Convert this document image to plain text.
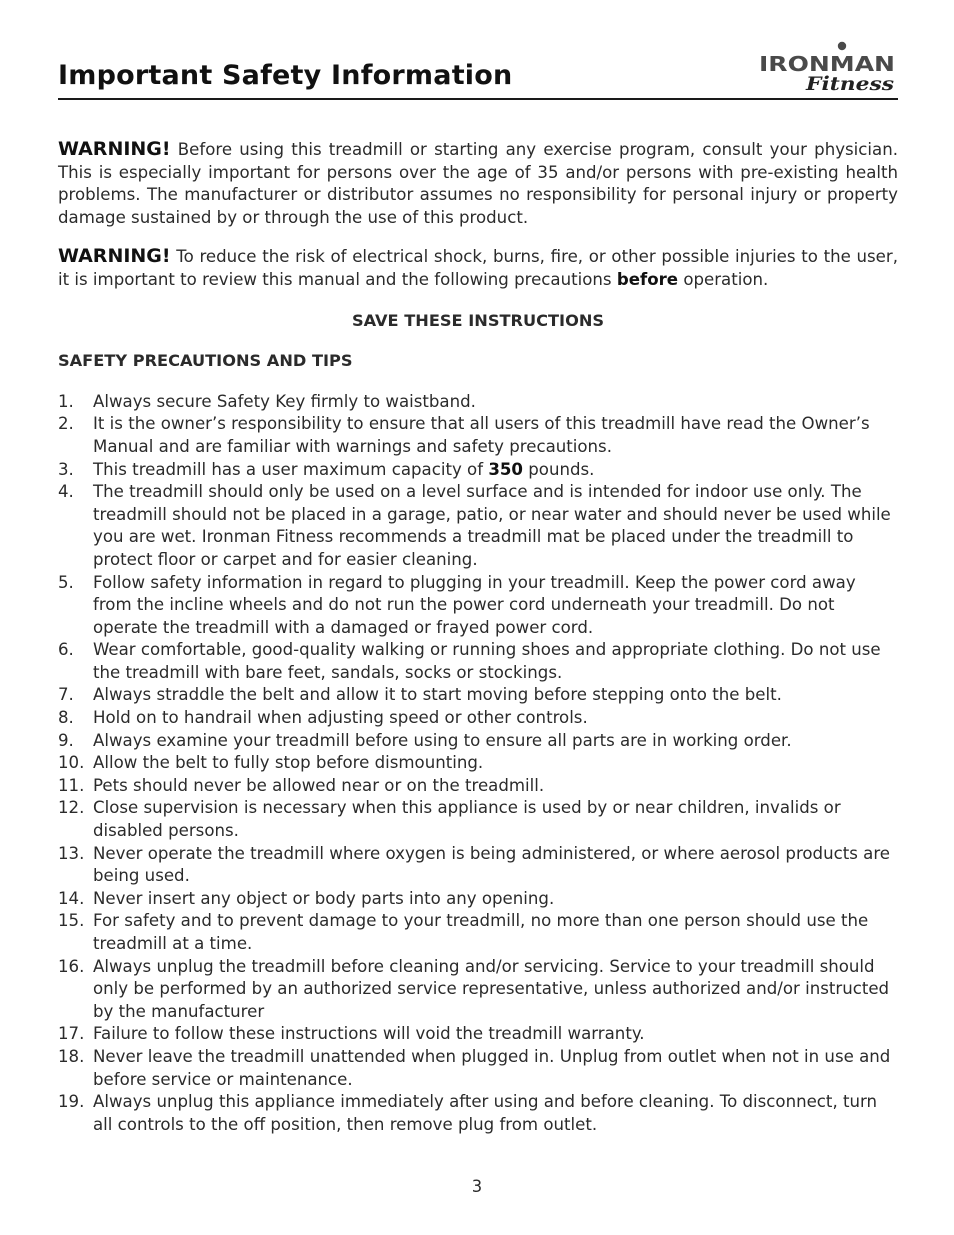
Important Safety Information	IRONMAN
Fitness

WARNING! Before using this treadmill or starting any exercise program, consult your physician. This is especially important for persons over the age of 35 and/or persons with pre-existing health problems. The manufacturer or distributor assumes no responsibility for personal injury or property damage sustained by or through the use of this product.

WARNING! To reduce the risk of electrical shock, burns, fire, or other possible injuries to the user, it is important to review this manual and the following precautions before operation.

SAVE THESE INSTRUCTIONS
SAFETY PRECAUTIONS AND TIPS
1. Always secure Safety Key firmly to waistband.
2. It is the owner’s responsibility to ensure that all users of this treadmill have read the Owner’s Manual and are familiar with warnings and safety precautions.
3. This treadmill has a user maximum capacity of 350 pounds.
4. The treadmill should only be used on a level surface and is intended for indoor use only. The treadmill should not be placed in a garage, patio, or near water and should never be used while you are wet. Ironman Fitness recommends a treadmill mat be placed under the treadmill to protect floor or carpet and for easier cleaning.
5. Follow safety information in regard to plugging in your treadmill. Keep the power cord away from the incline wheels and do not run the power cord underneath your treadmill. Do not operate the treadmill with a damaged or frayed power cord.
6. Wear comfortable, good-quality walking or running shoes and appropriate clothing. Do not use the treadmill with bare feet, sandals, socks or stockings.
7. Always straddle the belt and allow it to start moving before stepping onto the belt.
8. Hold on to handrail when adjusting speed or other controls.
9. Always examine your treadmill before using to ensure all parts are in working order.
10. Allow the belt to fully stop before dismounting.
11. Pets should never be allowed near or on the treadmill.
12. Close supervision is necessary when this appliance is used by or near children, invalids or disabled persons.
13. Never operate the treadmill where oxygen is being administered, or where aerosol products are being used.
14. Never insert any object or body parts into any opening.
15. For safety and to prevent damage to your treadmill, no more than one person should use the treadmill at a time.
16. Always unplug the treadmill before cleaning and/or servicing. Service to your treadmill should only be performed by an authorized service representative, unless authorized and/or instructed by the manufacturer
17. Failure to follow these instructions will void the treadmill warranty.
18. Never leave the treadmill unattended when plugged in. Unplug from outlet when not in use and before service or maintenance.
19. Always unplug this appliance immediately after using and before cleaning. To disconnect, turn all controls to the off position, then remove plug from outlet.
3
